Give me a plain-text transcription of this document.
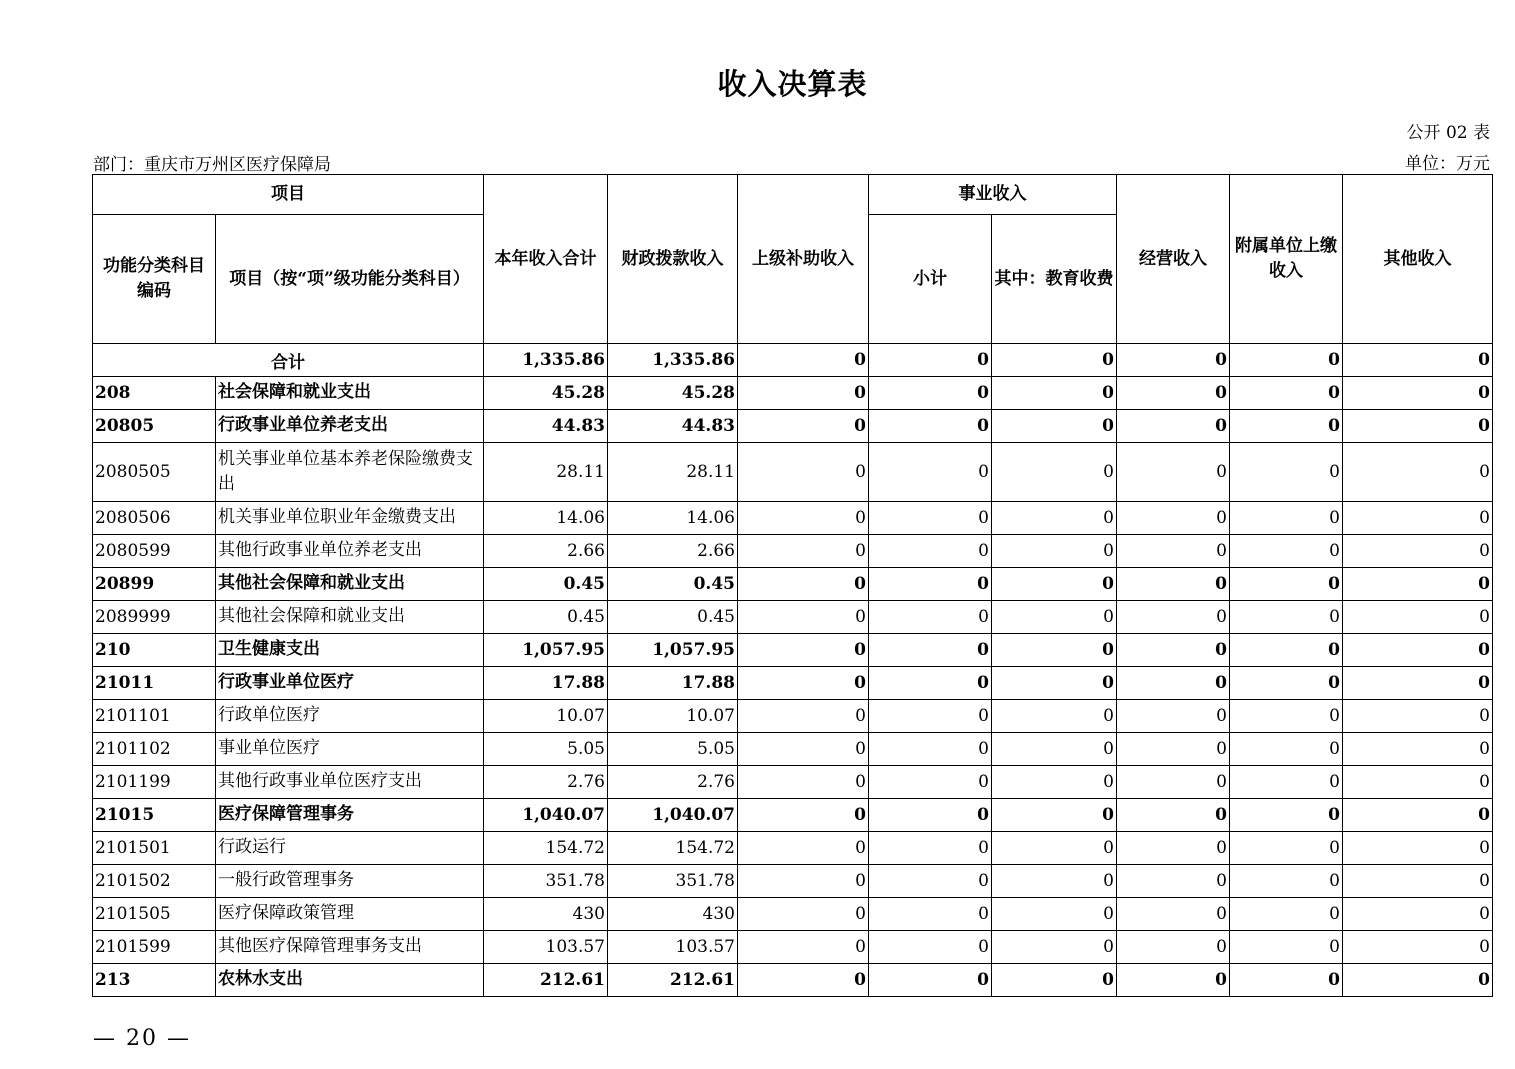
收入决算表
公开 02 表
部门：重庆市万州区医疗保障局	单位：万元
项目		本年收入合计	财政拨款收入	上级补助收入	事业收入		经营收入	附属单位上缴收入	其他收入
功能分类科目编码	项目（按“项”级功能分类科目）				小计	其中：教育收费			
合计		1,335.86	1,335.86	0	0	0	0	0	0
208	社会保障和就业支出	45.28	45.28	0	0	0	0	0	0
20805	行政事业单位养老支出	44.83	44.83	0	0	0	0	0	0
2080505	机关事业单位基本养老保险缴费支出	28.11	28.11	0	0	0	0	0	0
2080506	机关事业单位职业年金缴费支出	14.06	14.06	0	0	0	0	0	0
2080599	其他行政事业单位养老支出	2.66	2.66	0	0	0	0	0	0
20899	其他社会保障和就业支出	0.45	0.45	0	0	0	0	0	0
2089999	其他社会保障和就业支出	0.45	0.45	0	0	0	0	0	0
210	卫生健康支出	1,057.95	1,057.95	0	0	0	0	0	0
21011	行政事业单位医疗	17.88	17.88	0	0	0	0	0	0
2101101	行政单位医疗	10.07	10.07	0	0	0	0	0	0
2101102	事业单位医疗	5.05	5.05	0	0	0	0	0	0
2101199	其他行政事业单位医疗支出	2.76	2.76	0	0	0	0	0	0
21015	医疗保障管理事务	1,040.07	1,040.07	0	0	0	0	0	0
2101501	行政运行	154.72	154.72	0	0	0	0	0	0
2101502	一般行政管理事务	351.78	351.78	0	0	0	0	0	0
2101505	医疗保障政策管理	430	430	0	0	0	0	0	0
2101599	其他医疗保障管理事务支出	103.57	103.57	0	0	0	0	0	0
213	农林水支出	212.61	212.61	0	0	0	0	0	0
— 20 —
